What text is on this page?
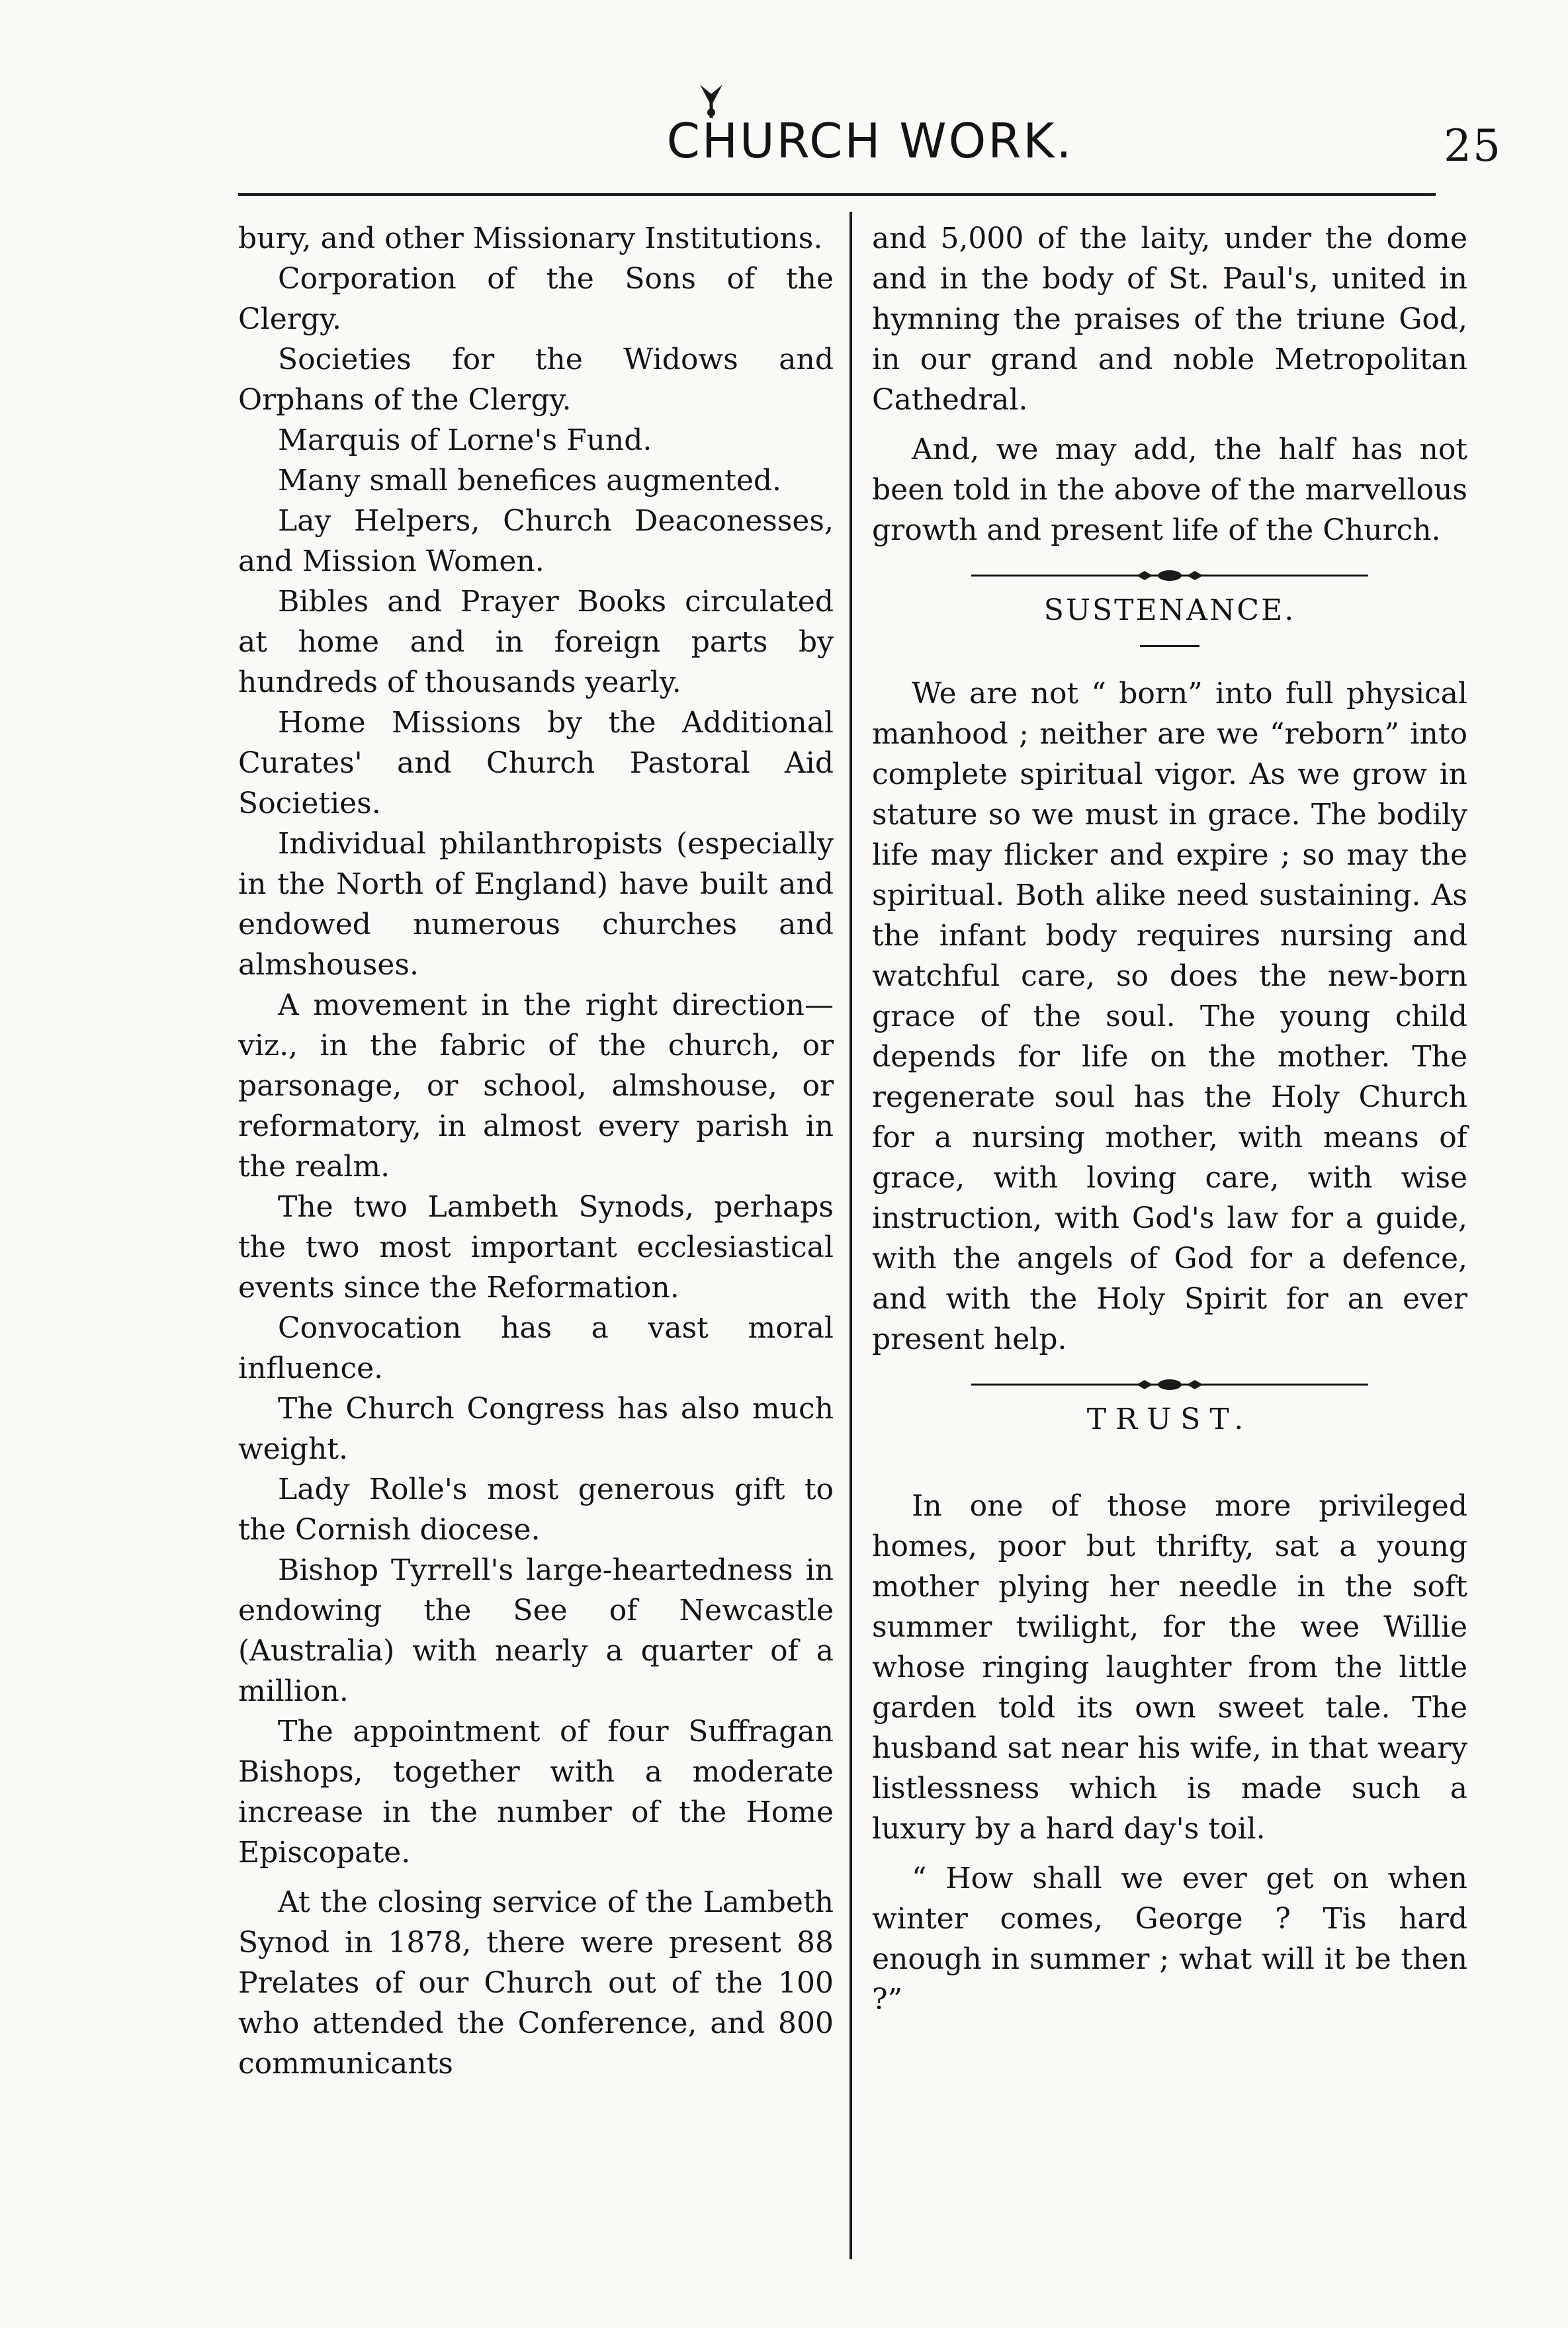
CHURCH WORK.	25

bury, and other Missionary Institutions.

Corporation of the Sons of the Clergy.

Societies for the Widows and Orphans of the Clergy.

Marquis of Lorne's Fund.

Many small benefices augmented.

Lay Helpers, Church Deaconesses, and Mission Women.

Bibles and Prayer Books circulated at home and in foreign parts by hundreds of thousands yearly.

Home Missions by the Additional Curates' and Church Pastoral Aid Societies.

Individual philanthropists (especially in the North of England) have built and endowed numerous churches and almshouses.

A movement in the right direction—viz., in the fabric of the church, or parsonage, or school, almshouse, or reformatory, in almost every parish in the realm.

The two Lambeth Synods, perhaps the two most important ecclesiastical events since the Reformation.

Convocation has a vast moral influence.

The Church Congress has also much weight.

Lady Rolle's most generous gift to the Cornish diocese.

Bishop Tyrrell's large-heartedness in endowing the See of Newcastle (Australia) with nearly a quarter of a million.

The appointment of four Suffragan Bishops, together with a moderate increase in the number of the Home Episcopate.

At the closing service of the Lambeth Synod in 1878, there were present 88 Prelates of our Church out of the 100 who attended the Conference, and 800 communicants

and 5,000 of the laity, under the dome and in the body of St. Paul's, united in hymning the praises of the triune God, in our grand and noble Metropolitan Cathedral.

And, we may add, the half has not been told in the above of the marvellous growth and present life of the Church.

SUSTENANCE.

We are not “ born” into full physical manhood ; neither are we “reborn” into complete spiritual vigor. As we grow in stature so we must in grace. The bodily life may flicker and expire ; so may the spiritual. Both alike need sustaining. As the infant body requires nursing and watchful care, so does the new-born grace of the soul. The young child depends for life on the mother. The regenerate soul has the Holy Church for a nursing mother, with means of grace, with loving care, with wise instruction, with God's law for a guide, with the angels of God for a defence, and with the Holy Spirit for an ever present help.

TRUST.

In one of those more privileged homes, poor but thrifty, sat a young mother plying her needle in the soft summer twilight, for the wee Willie whose ringing laughter from the little garden told its own sweet tale. The husband sat near his wife, in that weary listlessness which is made such a luxury by a hard day's toil.

“ How shall we ever get on when winter comes, George ? Tis hard enough in summer ; what will it be then ?”
